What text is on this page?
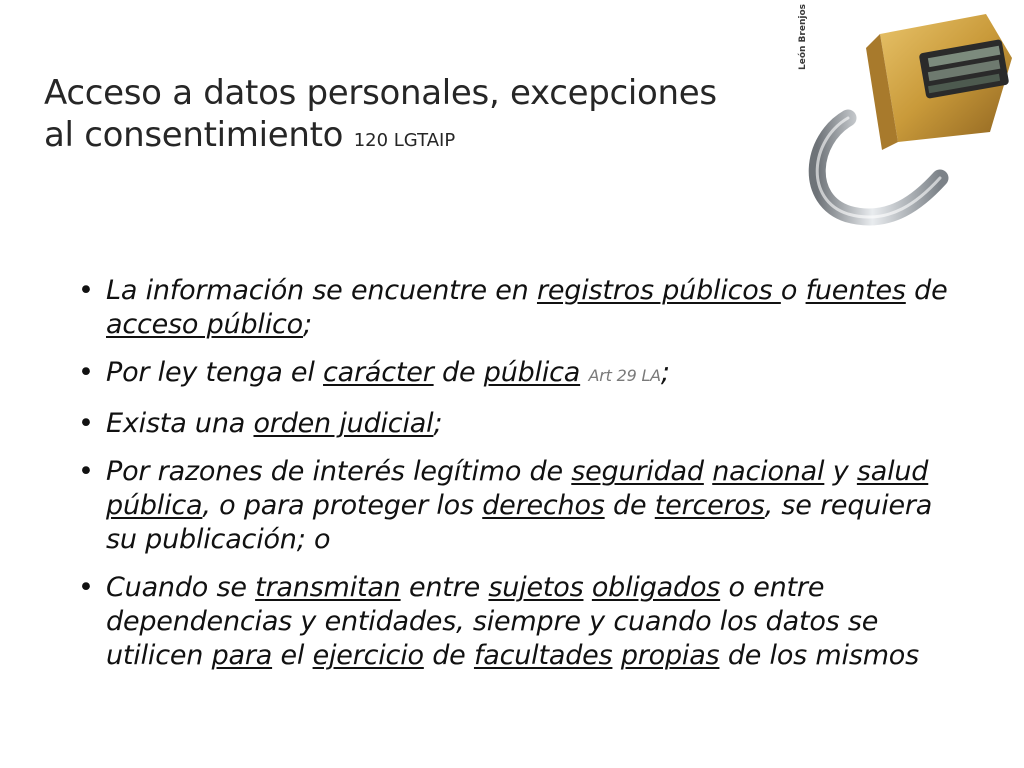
Acceso a datos personales, excepciones
al consentimiento 120 LGTAIP
León Brenjos
• La información se encuentre en registros públicos o fuentes de acceso público;
• Por ley tenga el carácter de pública Art 29 LA;
• Exista una orden judicial;
• Por razones de interés legítimo de seguridad nacional y salud pública, o para proteger los derechos de terceros, se requiera su publicación; o
• Cuando se transmitan entre sujetos obligados o entre dependencias y entidades, siempre y cuando los datos se utilicen para el ejercicio de facultades propias de los mismos
